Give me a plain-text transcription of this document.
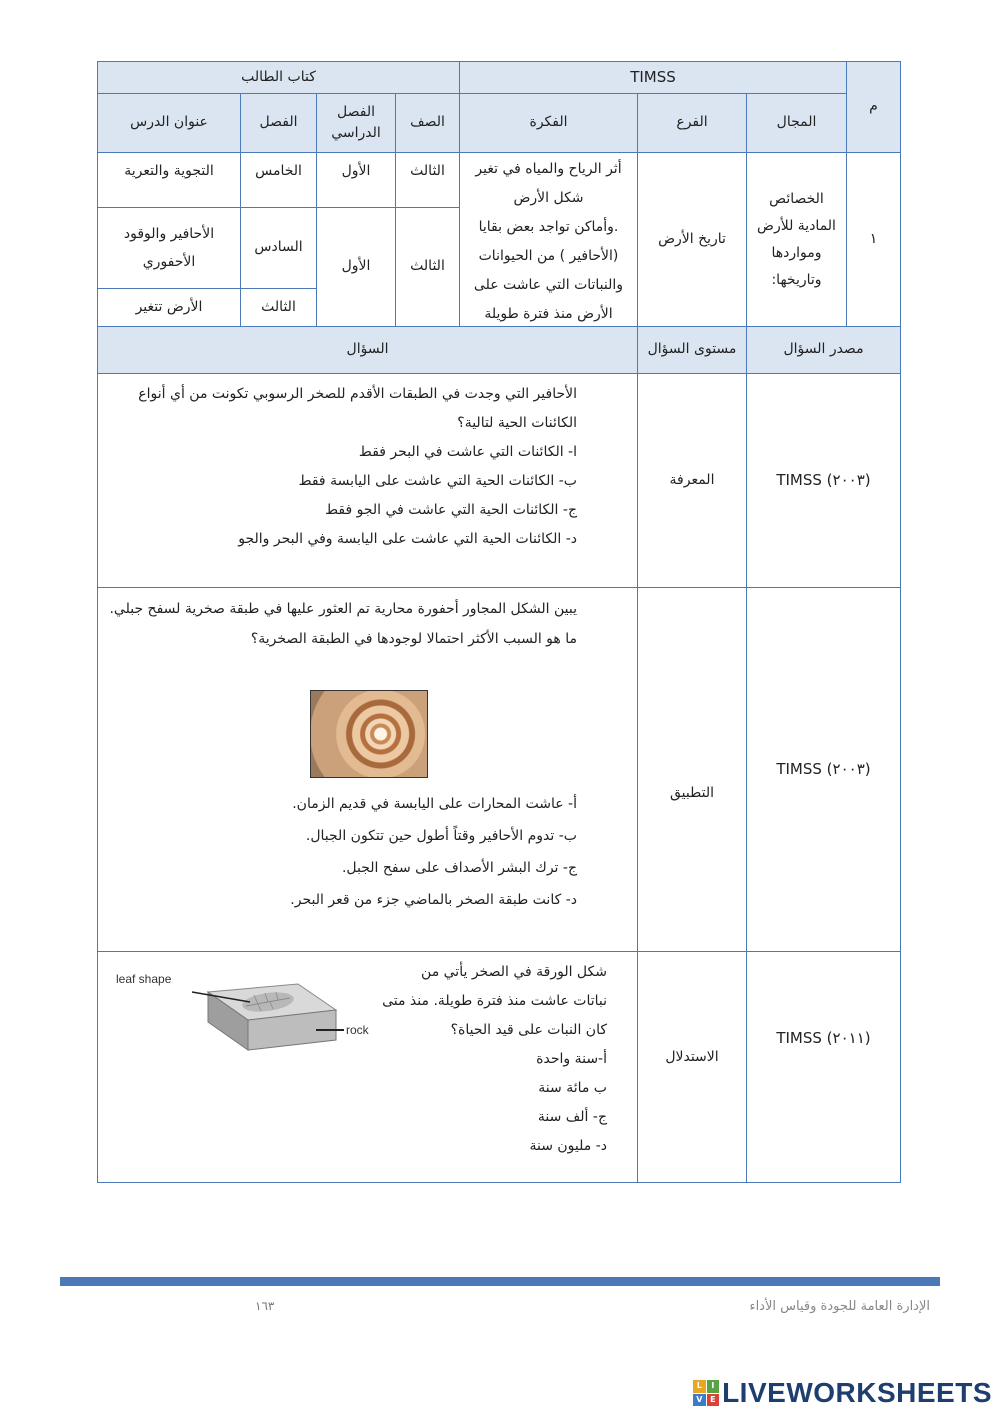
م
TIMSS
كتاب الطالب
المجال
الفرع
الفكرة
الصف
الفصل الدراسي
الفصل
عنوان الدرس
١
الخصائص المادية للأرض ومواردها وتاريخها:
تاريخ الأرض

أثر الرياح والمياه في تغير شكل الأرض

.وأماكن تواجد بعض بقايا (الأحافير ) من الحيوانات

والنباتات التي عاشت على الأرض منذ فترة طويلة

الثالث
الأول
الخامس
التجوية والتعرية
الثالث
الأول
السادس
الأحافير والوقود الأحفوري
الثالث
الأرض تتغير
مصدر السؤال
مستوى السؤال
السؤال
TIMSS (٢٠٠٣)
المعرفة

الأحافير التي وجدت في الطبقات الأقدم للصخر الرسوبي تكونت من أي أنواع

الكائنات الحية لتالية؟

ا- الكائنات التي عاشت في البحر فقط

ب- الكائنات الحية التي عاشت على اليابسة فقط

ج- الكائنات الحية التي عاشت في الجو فقط

د- الكائنات الحية التي عاشت على اليابسة وفي البحر والجو

TIMSS (٢٠٠٣)
التطبيق

يبين الشكل المجاور أحفورة محارية تم العثور عليها في طبقة صخرية لسفح جبلي.

ما هو السبب الأكثر احتمالا لوجودها في الطبقة الصخرية؟

أ- عاشت المحارات على اليابسة في قديم الزمان.

ب- تدوم الأحافير وقتاً أطول حين تتكون الجبال.

ج- ترك البشر الأصداف على سفح الجبل.

د- كانت طبقة الصخر بالماضي جزء من قعر البحر.

TIMSS (٢٠١١)
الاستدلال

شكل الورقة في الصخر يأتي من

نباتات عاشت منذ فترة طويلة. منذ متى

كان النبات على قيد الحياة؟

أ-سنة واحدة

ب مائة سنة

ج- ألف سنة

د- مليون سنة

leaf shape
rock
١٦٣	الإدارة العامة للجودة وقياس الأداء
L	I
V E LIVEWORKSHEETS
